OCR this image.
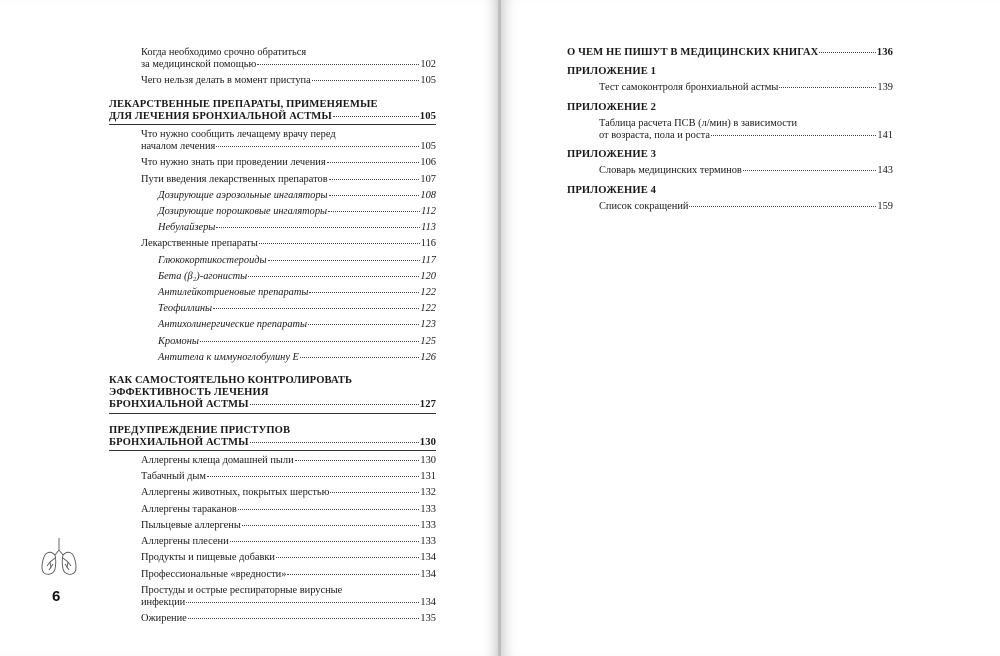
Когда необходимо срочно обратиться
за медицинской помощью	102
Чего нельзя делать в момент приступа	105
ЛЕКАРСТВЕННЫЕ ПРЕПАРАТЫ, ПРИМЕНЯЕМЫЕ
ДЛЯ ЛЕЧЕНИЯ БРОНХИАЛЬНОЙ АСТМЫ	105
Что нужно сообщить лечащему врачу перед
началом лечения	105
Что нужно знать при проведении лечения	106
Пути введения лекарственных препаратов	107
Дозирующие аэрозольные ингаляторы	108
Дозирующие порошковые ингаляторы	112
Небулайзеры	113
Лекарственные препараты	116
Глюкокортикостероиды	117
Бета (β₂)-агонисты	120
Антилейкотриеновые препараты	122
Теофиллины	122
Антихолинергические препараты	123
Кромоны	125
Антитела к иммуноглобулину Е	126
КАК САМОСТОЯТЕЛЬНО КОНТРОЛИРОВАТЬ
ЭФФЕКТИВНОСТЬ ЛЕЧЕНИЯ
БРОНХИАЛЬНОЙ АСТМЫ	127
ПРЕДУПРЕЖДЕНИЕ ПРИСТУПОВ
БРОНХИАЛЬНОЙ АСТМЫ	130
Аллергены клеща домашней пыли	130
Табачный дым	131
Аллергены животных, покрытых шерстью	132
Аллергены тараканов	133
Пыльцевые аллергены	133
Аллергены плесени	133
Продукты и пищевые добавки	134
Профессиональные «вредности»	134
Простуды и острые респираторные вирусные
инфекции	134
Ожирение	135
6
О ЧЕМ НЕ ПИШУТ В МЕДИЦИНСКИХ КНИГАХ	136
ПРИЛОЖЕНИЕ 1
Тест самоконтроля бронхиальной астмы	139
ПРИЛОЖЕНИЕ 2
Таблица расчета ПСВ (л/мин) в зависимости
от возраста, пола и роста	141
ПРИЛОЖЕНИЕ 3
Словарь медицинских терминов	143
ПРИЛОЖЕНИЕ 4
Список сокращений	159
